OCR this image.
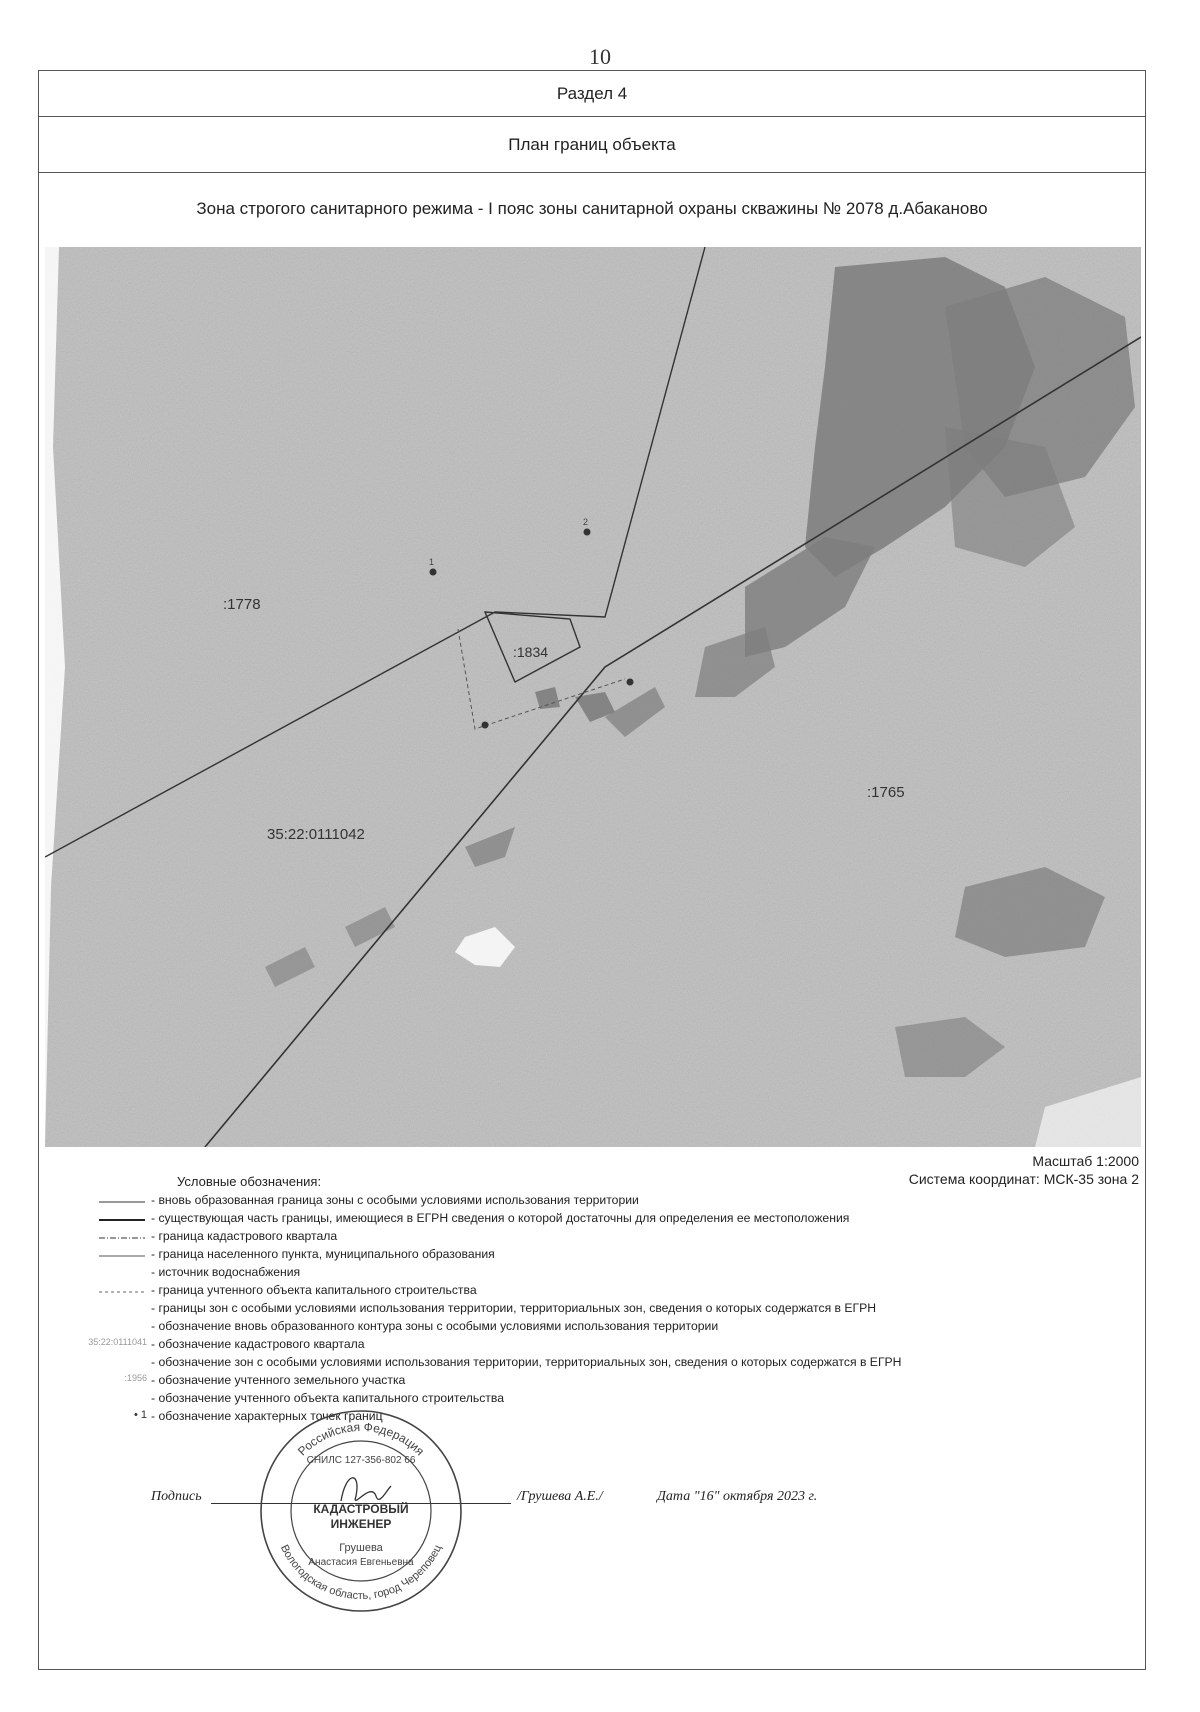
10
Раздел 4
План границ объекта
Зона строгого санитарного режима - I пояс зоны санитарной охраны скважины № 2078 д.Абаканово
1
2
:1778
:1834
:1765
35:22:0111042
Масштаб 1:2000
Система координат: МСК-35 зона 2
Условные обозначения:
- вновь образованная граница зоны с особыми условиями использования территории
- существующая часть границы, имеющиеся в ЕГРН сведения о которой достаточны для определения ее местоположения
- граница кадастрового квартала
- граница населенного пункта, муниципального образования
- источник водоснабжения
- граница учтенного объекта капитального строительства
- границы зон с особыми условиями использования территории, территориальных зон, сведения о которых содержатся в ЕГРН
- обозначение вновь образованного контура зоны с особыми условиями использования территории
35:22:0111041 - обозначение кадастрового квартала
- обозначение зон с особыми условиями использования территории, территориальных зон, сведения о которых содержатся в ЕГРН
:1956 - обозначение учтенного земельного участка
- обозначение учтенного объекта капитального строительства
• 1 - обозначение характерных точек границ
Подпись	/Грушева А.Е./	Дата "16" октября 2023 г.
Российская Федерация
Вологодская область, город Череповец
СНИЛС 127-356-802 66
КАДАСТРОВЫЙ
ИНЖЕНЕР
Грушева
Анастасия Евгеньевна
